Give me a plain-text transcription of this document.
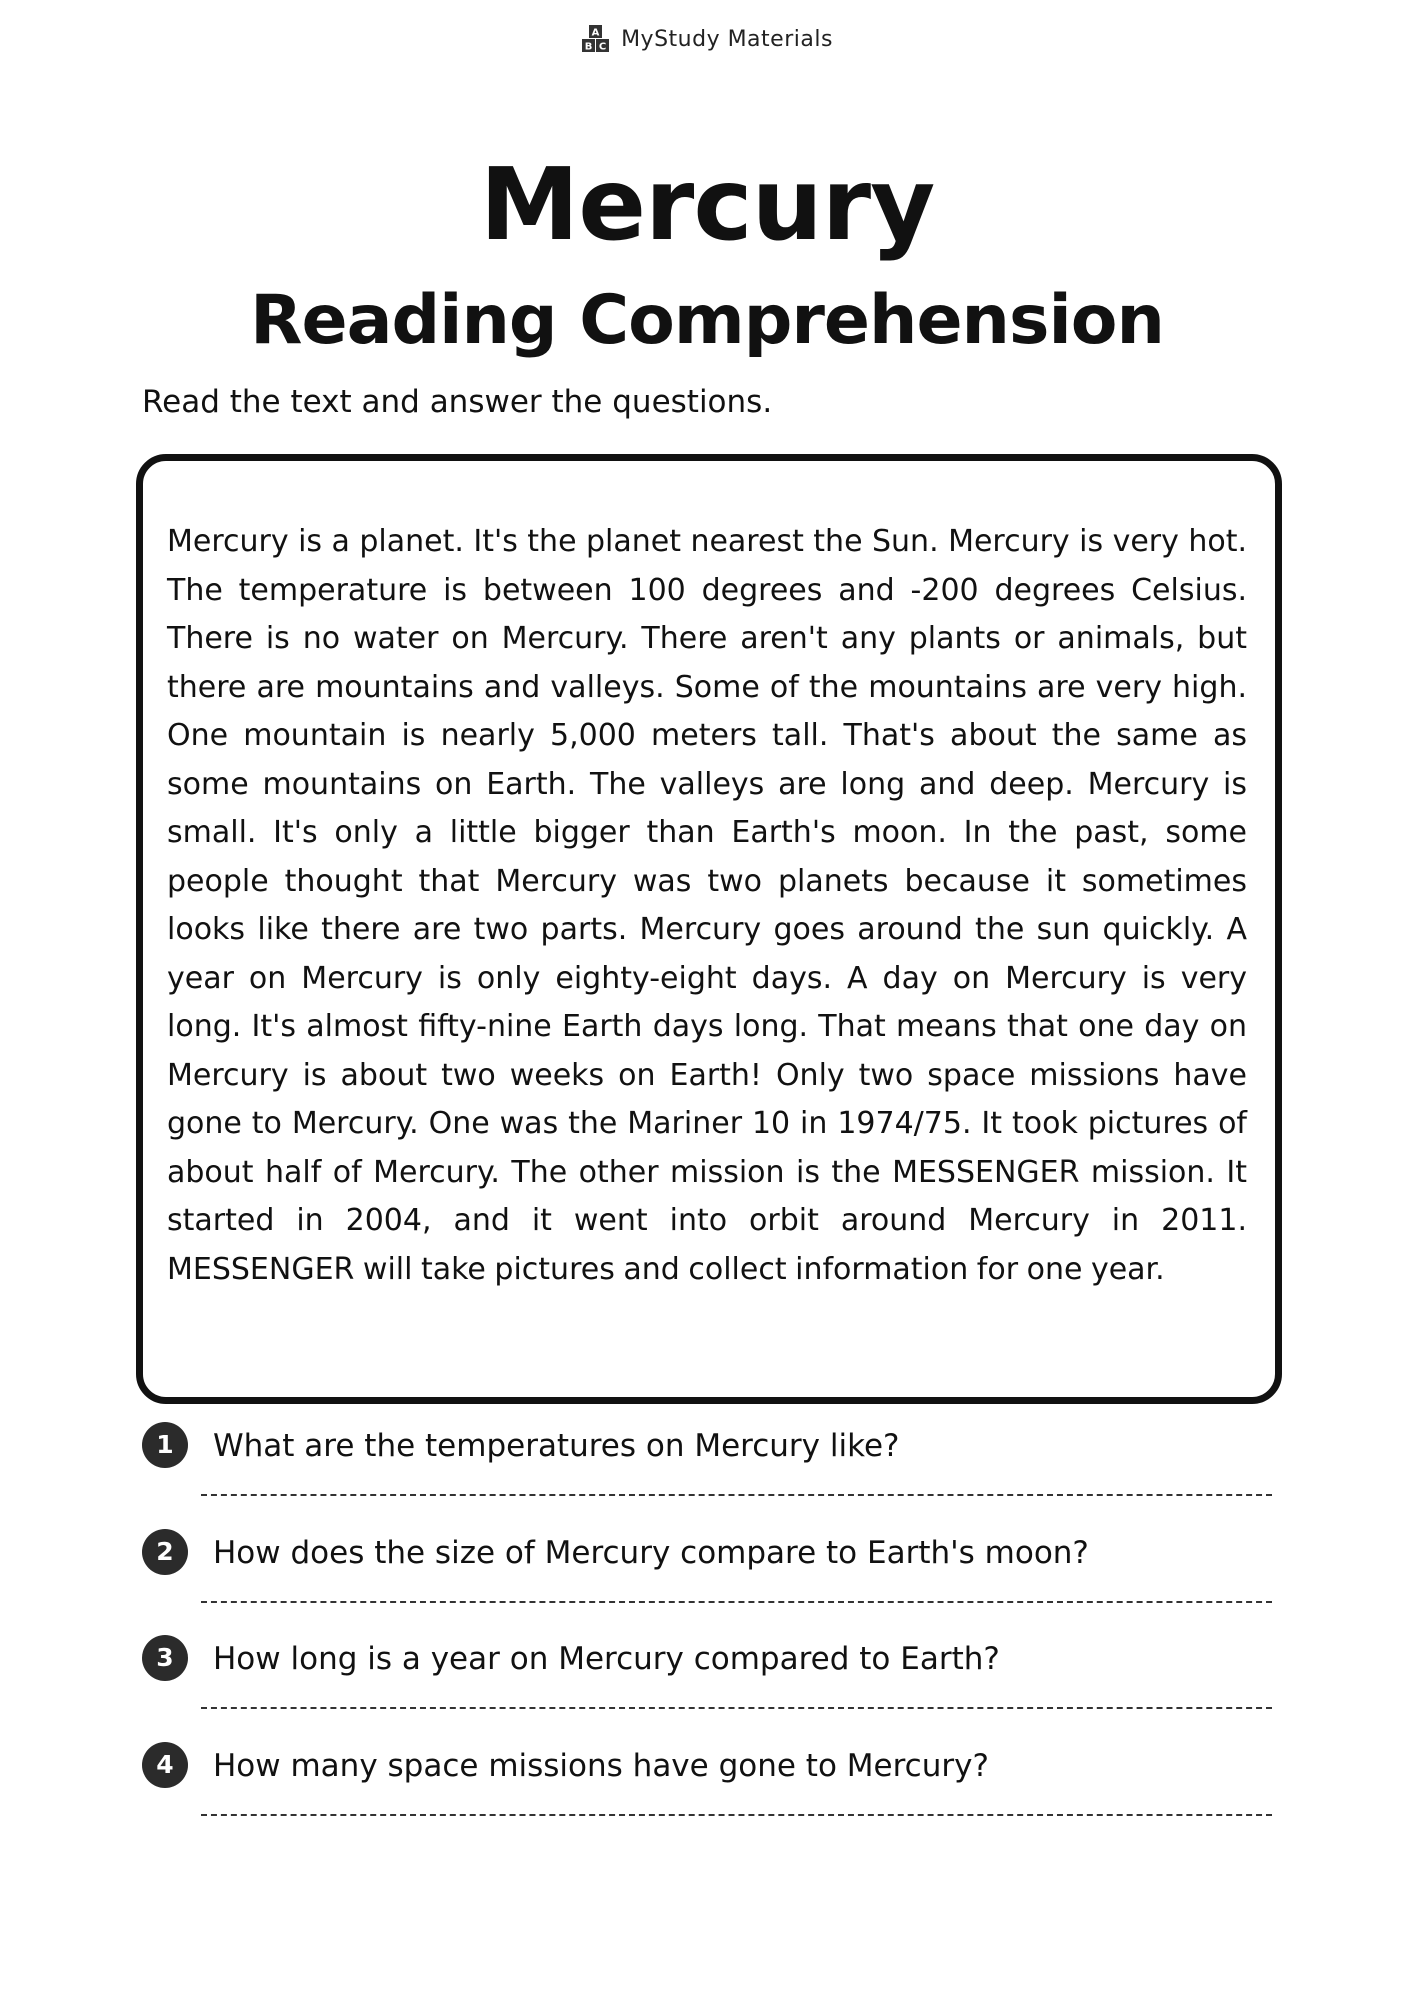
A
B C MyStudy Materials
Mercury
Reading Comprehension
Read the text and answer the questions.

Mercury is a planet. It's the planet nearest the Sun. Mercury is very hot. The temperature is between 100 degrees and -200 degrees Celsius. There is no water on Mercury. There aren't any plants or animals, but there are mountains and valleys. Some of the mountains are very high. One mountain is nearly 5,000 meters tall. That's about the same as some mountains on Earth. The valleys are long and deep. Mercury is small. It's only a little bigger than Earth's moon. In the past, some people thought that Mercury was two planets because it sometimes looks like there are two parts. Mercury goes around the sun quickly. A year on Mercury is only eighty-eight days. A day on Mercury is very long. It's almost fifty-nine Earth days long. That means that one day on Mercury is about two weeks on Earth! Only two space missions have gone to Mercury. One was the Mariner 10 in 1974/75. It took pictures of about half of Mercury. The other mission is the MESSENGER mission. It started in 2004, and it went into orbit around Mercury in 2011. MESSENGER will take pictures and collect information for one year.

1	What are the temperatures on Mercury like?
2	How does the size of Mercury compare to Earth's moon?
3	How long is a year on Mercury compared to Earth?
4	How many space missions have gone to Mercury?
